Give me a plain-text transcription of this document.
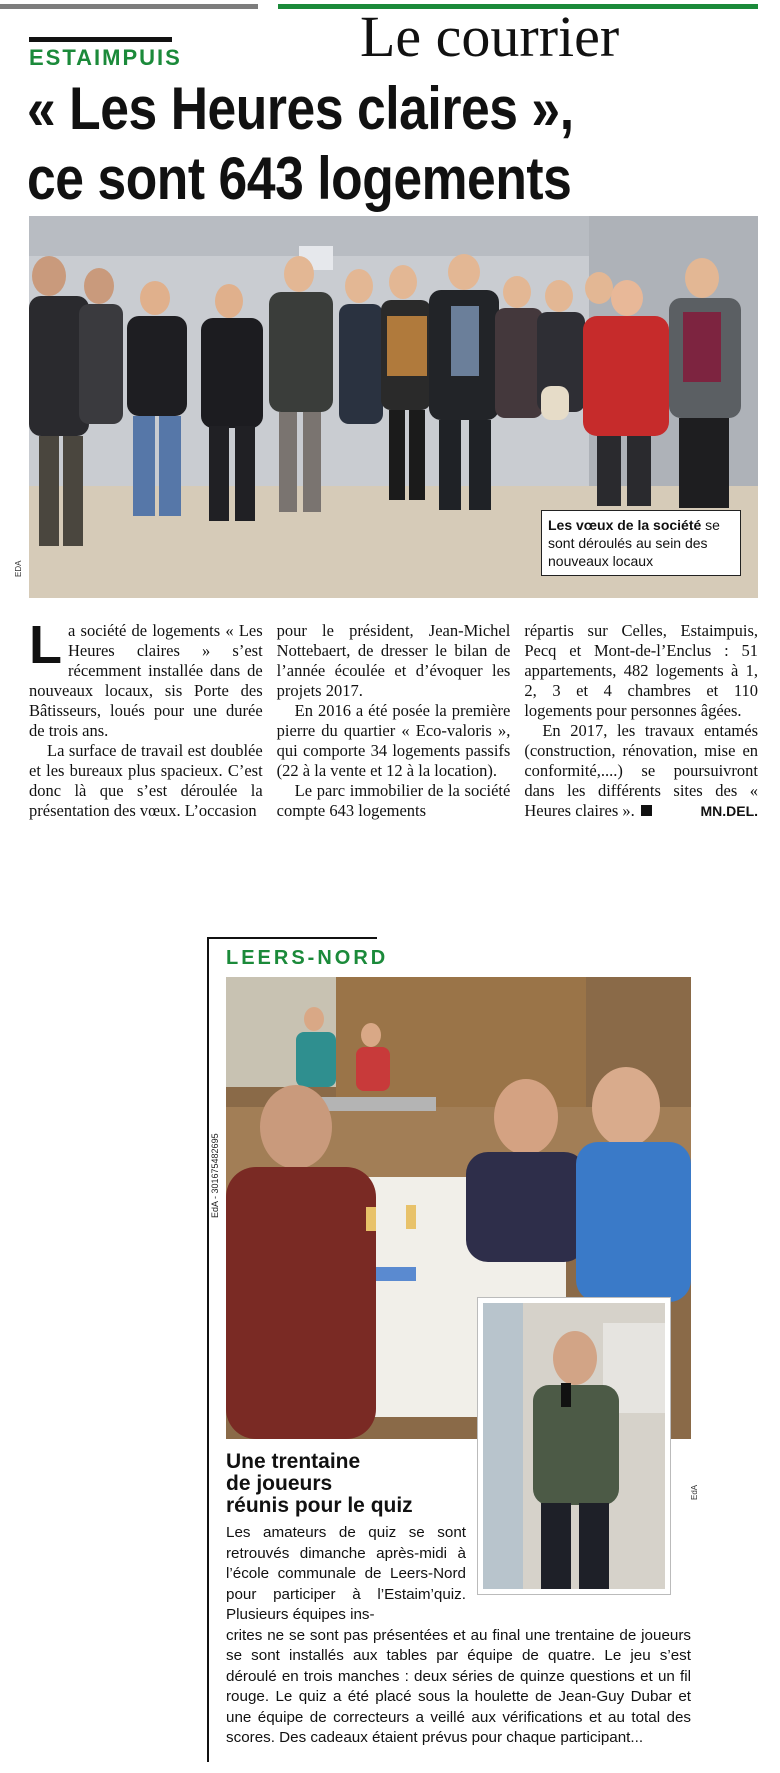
Le courrier
ESTAIMPUIS
« Les Heures claires »,
ce sont 643 logements
EDA
Les vœux de la société se sont déroulés au sein des nouveaux locaux

La société de logements « Les Heures claires » s’est récemment installée dans de nouveaux locaux, sis Porte des Bâtisseurs, loués pour une durée de trois ans.

La surface de travail est doublée et les bureaux plus spacieux. C’est donc là que s’est déroulée la présentation des vœux. L’occasion

pour le président, Jean-Michel Nottebaert, de dresser le bilan de l’année écoulée et d’évoquer les projets 2017.

En 2016 a été posée la première pierre du quartier « Eco-valoris », qui comporte 34 logements passifs (22 à la vente et 12 à la location).

Le parc immobilier de la société compte 643 logements

répartis sur Celles, Estaimpuis, Pecq et Mont-de-l’Enclus : 51 appartements, 482 logements à 1, 2, 3 et 4 chambres et 110 logements pour personnes âgées.

En 2017, les travaux entamés (construction, rénovation, mise en conformité,....) se poursuivront dans les différents sites des « Heures claires ».	MN.DEL.

LEERS-NORD
EdA - 301675482695
EdA
Une trentaine
de joueurs
réunis pour le quiz
Les amateurs de quiz se sont retrouvés dimanche après-midi à l’école communale de Leers-Nord pour participer à l’Estaim’quiz. Plusieurs équipes ins-
crites ne se sont pas présentées et au final une trentaine de joueurs se sont installés aux tables par équipe de quatre. Le jeu s’est déroulé en trois manches : deux séries de quinze questions et un fil rouge. Le quiz a été placé sous la houlette de Jean-Guy Dubar et une équipe de correcteurs a veillé aux vérifications et au total des scores. Des cadeaux étaient prévus pour chaque participant...
